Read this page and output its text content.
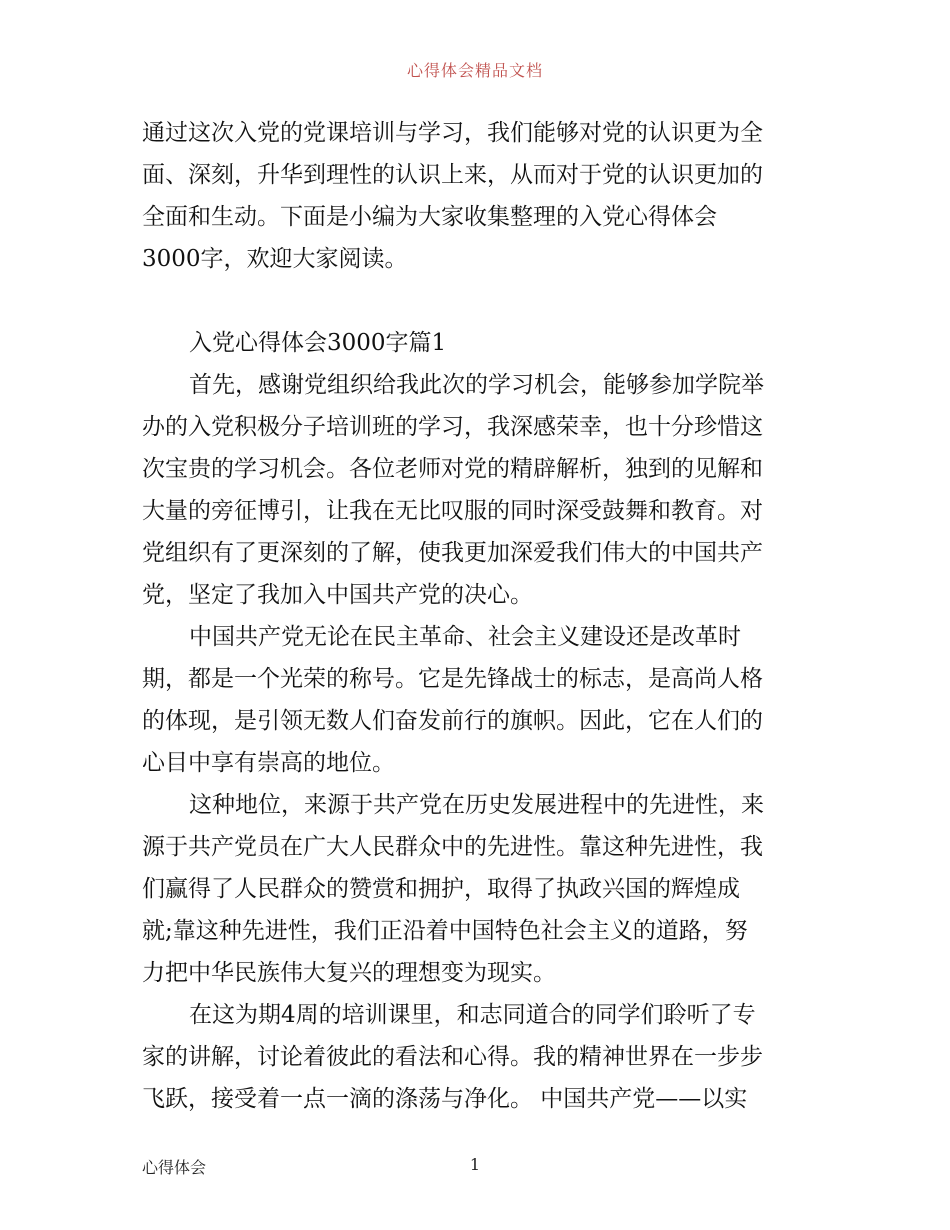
心得体会精品文档
通过这次入党的党课培训与学习，我们能够对党的认识更为全
面、深刻，升华到理性的认识上来，从而对于党的认识更加的
全面和生动。下面是小编为大家收集整理的入党心得体会
3000字，欢迎大家阅读。
入党心得体会3000字篇1
首先，感谢党组织给我此次的学习机会，能够参加学院举
办的入党积极分子培训班的学习，我深感荣幸，也十分珍惜这
次宝贵的学习机会。各位老师对党的精辟解析，独到的见解和
大量的旁征博引，让我在无比叹服的同时深受鼓舞和教育。对
党组织有了更深刻的了解，使我更加深爱我们伟大的中国共产
党，坚定了我加入中国共产党的决心。
中国共产党无论在民主革命、社会主义建设还是改革时
期，都是一个光荣的称号。它是先锋战士的标志，是高尚人格
的体现，是引领无数人们奋发前行的旗帜。因此，它在人们的
心目中享有崇高的地位。
这种地位，来源于共产党在历史发展进程中的先进性，来
源于共产党员在广大人民群众中的先进性。靠这种先进性，我
们赢得了人民群众的赞赏和拥护，取得了执政兴国的辉煌成
就;靠这种先进性，我们正沿着中国特色社会主义的道路，努
力把中华民族伟大复兴的理想变为现实。
在这为期4周的培训课里，和志同道合的同学们聆听了专
家的讲解，讨论着彼此的看法和心得。我的精神世界在一步步
飞跃，接受着一点一滴的涤荡与净化。 中国共产党——以实
心得体会	1
